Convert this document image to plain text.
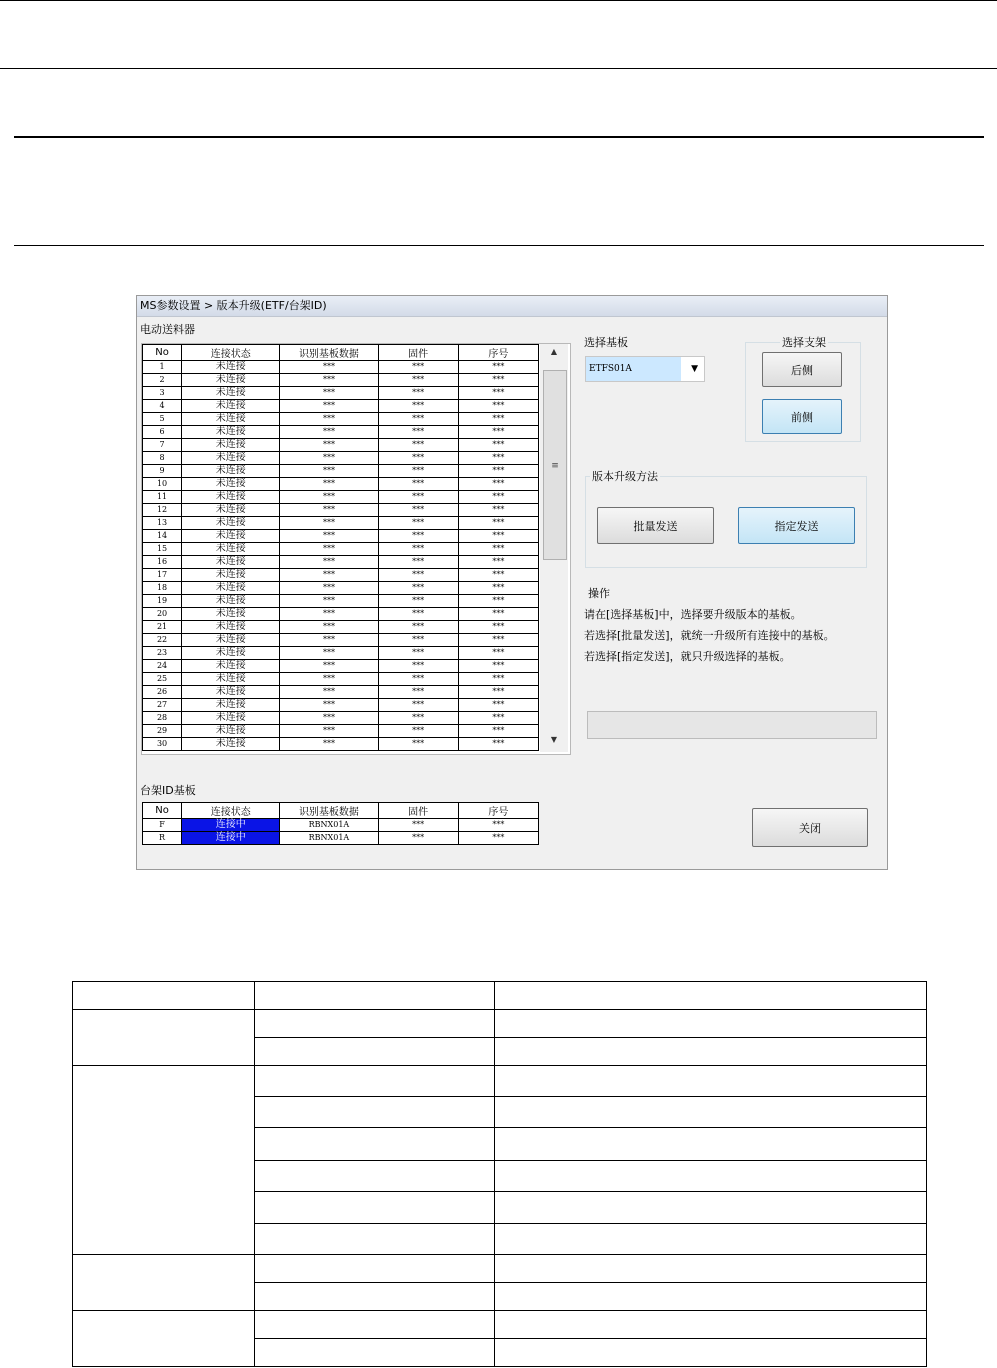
MS参数设置 > 版本升级(ETF/台架ID)
电动送料器
No	连接状态	识别基板数据	固件	序号
1	未连接	***	***	***
2	未连接	***	***	***
3	未连接	***	***	***
4	未连接	***	***	***
5	未连接	***	***	***
6	未连接	***	***	***
7	未连接	***	***	***
8	未连接	***	***	***
9	未连接	***	***	***
10	未连接	***	***	***
11	未连接	***	***	***
12	未连接	***	***	***
13	未连接	***	***	***
14	未连接	***	***	***
15	未连接	***	***	***
16	未连接	***	***	***
17	未连接	***	***	***
18	未连接	***	***	***
19	未连接	***	***	***
20	未连接	***	***	***
21	未连接	***	***	***
22	未连接	***	***	***
23	未连接	***	***	***
24	未连接	***	***	***
25	未连接	***	***	***
26	未连接	***	***	***
27	未连接	***	***	***
28	未连接	***	***	***
29	未连接	***	***	***
30	未连接	***	***	***
▲
≡
▼
台架ID基板
No	连接状态	识别基板数据	固件	序号
F	连接中	RBNX01A	***	***
R	连接中	RBNX01A	***	***
选择基板
ETFS01A	▼
选择支架
后侧
前侧
版本升级方法
批量发送	指定发送
操作
请在[选择基板]中，选择要升级版本的基板。
若选择[批量发送]，就统一升级所有连接中的基板。
若选择[指定发送]，就只升级选择的基板。
关闭
